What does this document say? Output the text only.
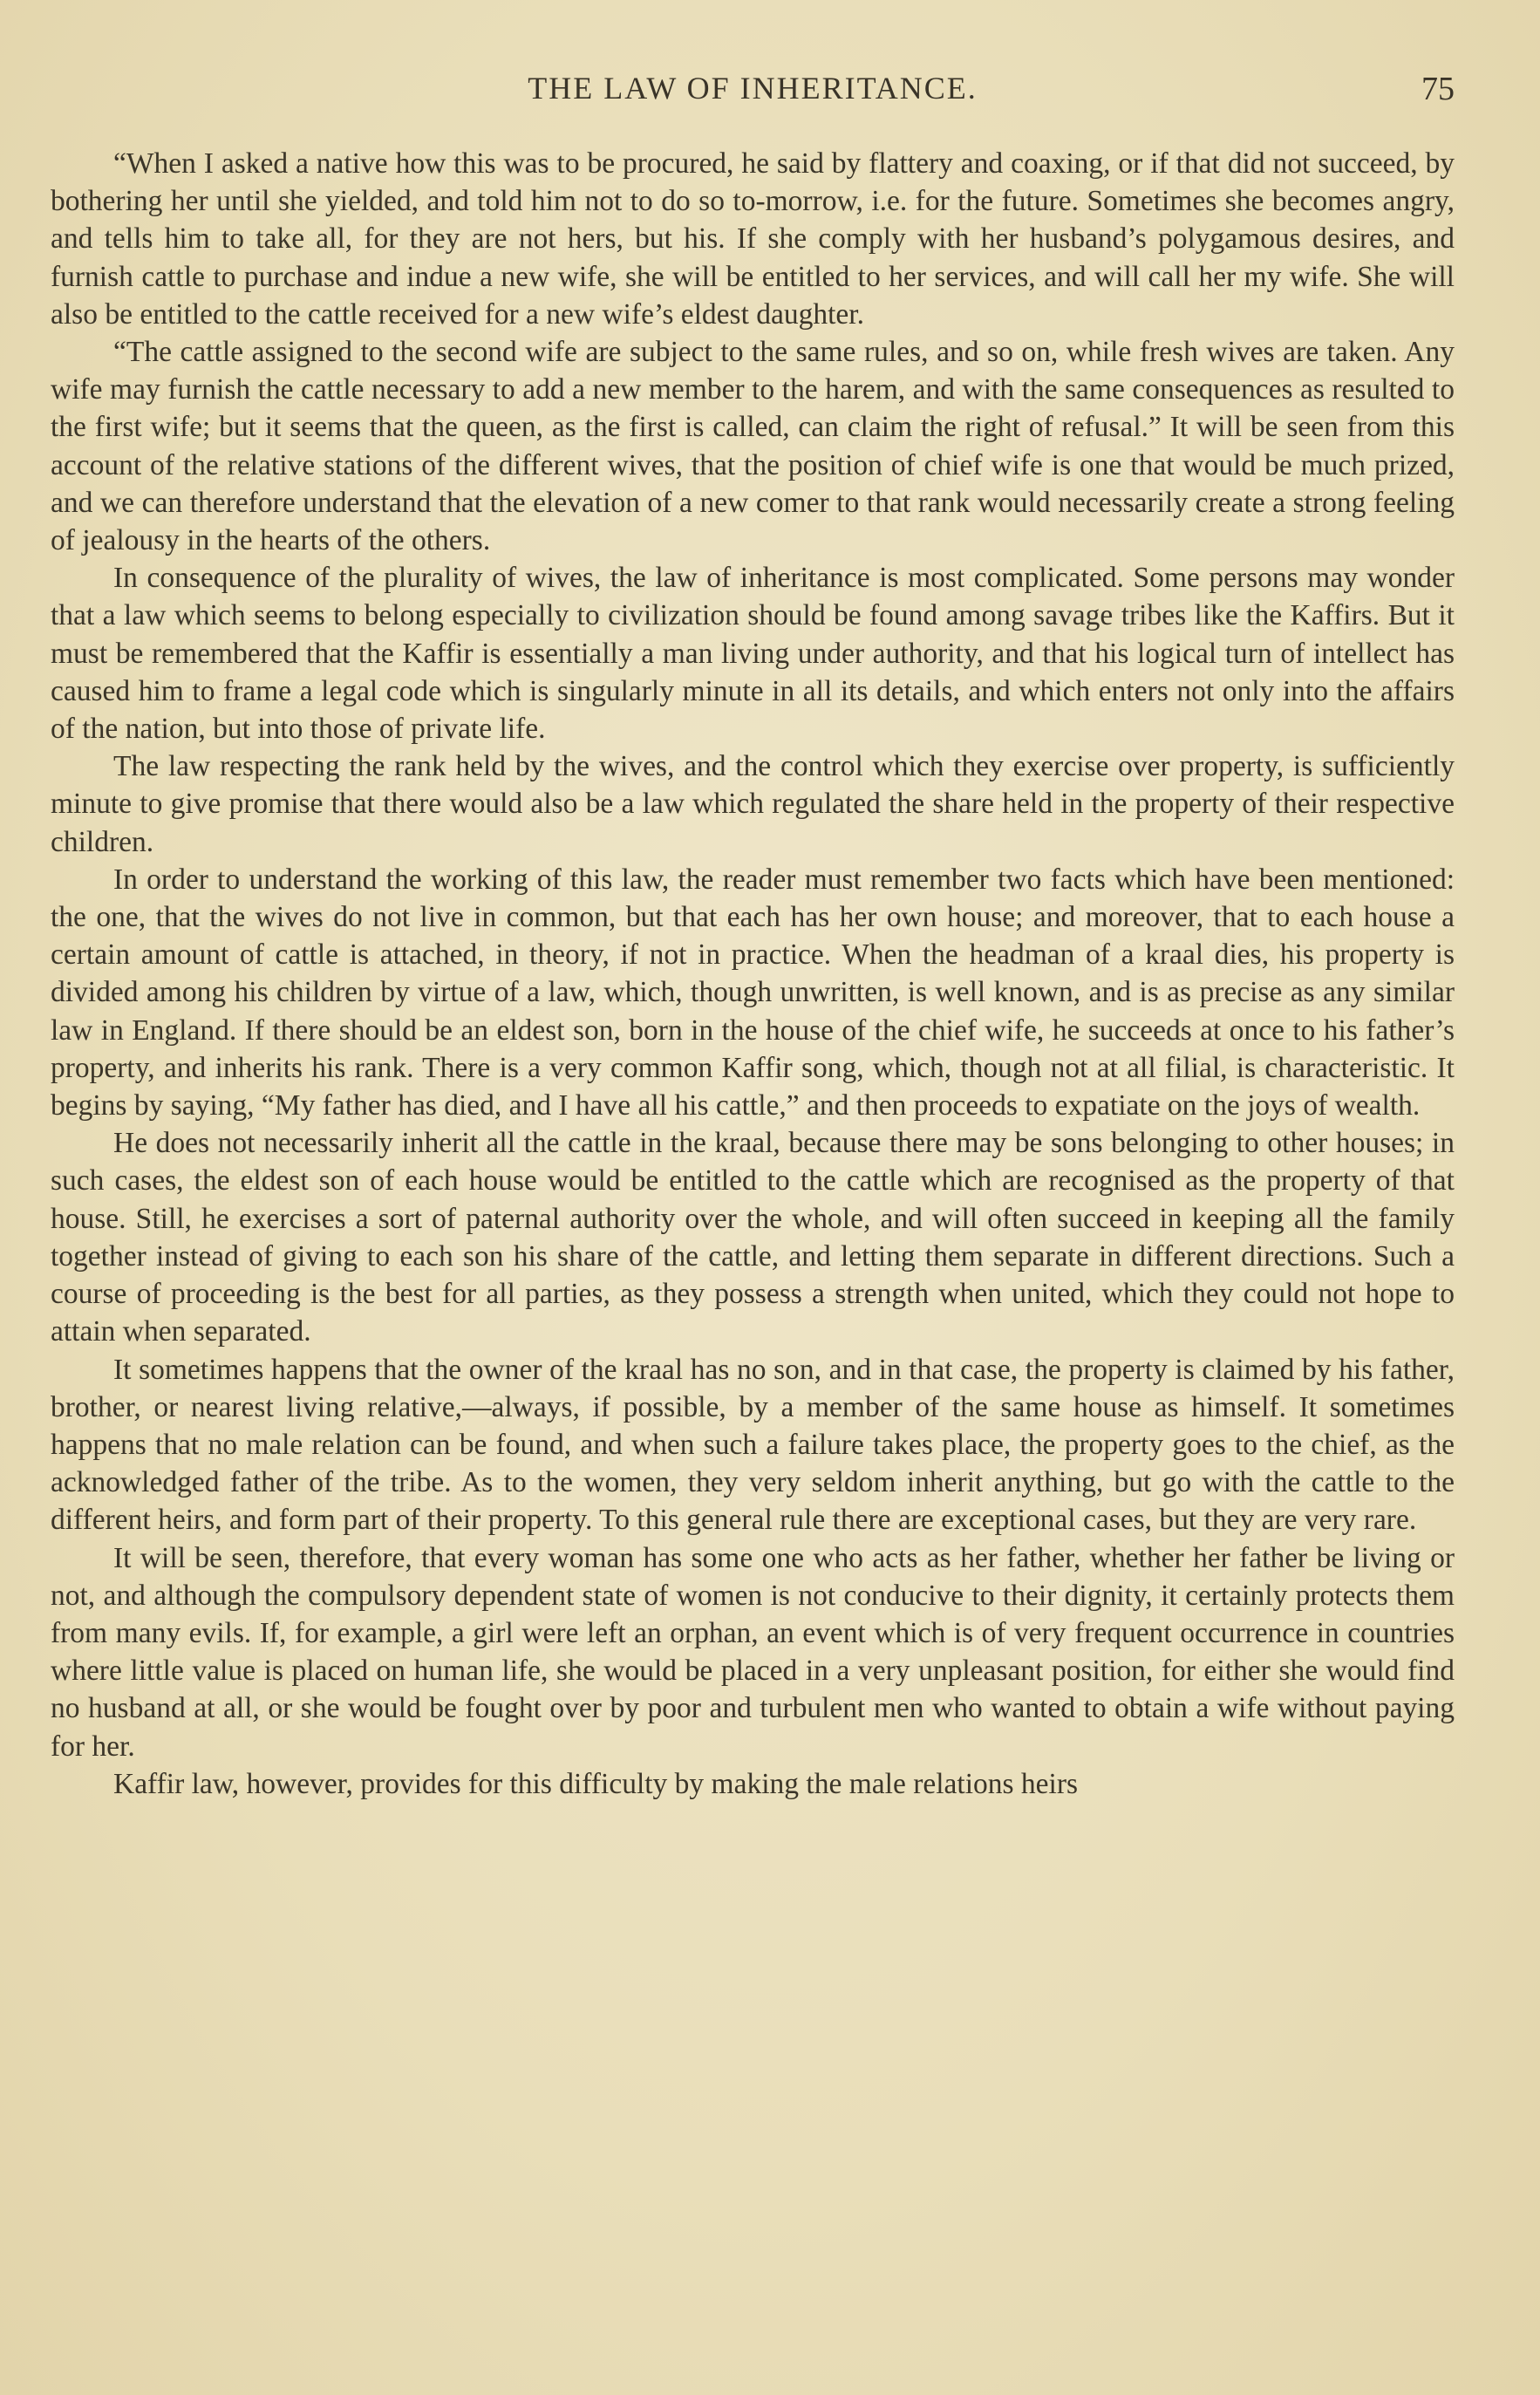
THE LAW OF INHERITANCE.	75

“When I asked a native how this was to be procured, he said by flattery and coaxing, or if that did not succeed, by bothering her until she yielded, and told him not to do so to-morrow, i.e. for the future. Sometimes she becomes angry, and tells him to take all, for they are not hers, but his. If she comply with her husband’s polygamous desires, and furnish cattle to purchase and indue a new wife, she will be entitled to her services, and will call her my wife. She will also be entitled to the cattle received for a new wife’s eldest daughter.

“The cattle assigned to the second wife are subject to the same rules, and so on, while fresh wives are taken. Any wife may furnish the cattle necessary to add a new member to the harem, and with the same consequences as resulted to the first wife; but it seems that the queen, as the first is called, can claim the right of refusal.” It will be seen from this account of the relative stations of the different wives, that the position of chief wife is one that would be much prized, and we can therefore understand that the elevation of a new comer to that rank would necessarily create a strong feeling of jealousy in the hearts of the others.

In consequence of the plurality of wives, the law of inheritance is most complicated. Some persons may wonder that a law which seems to belong especially to civilization should be found among savage tribes like the Kaffirs. But it must be remembered that the Kaffir is essentially a man living under authority, and that his logical turn of intellect has caused him to frame a legal code which is singularly minute in all its details, and which enters not only into the affairs of the nation, but into those of private life.

The law respecting the rank held by the wives, and the control which they exercise over property, is sufficiently minute to give promise that there would also be a law which regulated the share held in the property of their respective children.

In order to understand the working of this law, the reader must remember two facts which have been mentioned: the one, that the wives do not live in common, but that each has her own house; and moreover, that to each house a certain amount of cattle is attached, in theory, if not in practice. When the headman of a kraal dies, his property is divided among his children by virtue of a law, which, though unwritten, is well known, and is as precise as any similar law in England. If there should be an eldest son, born in the house of the chief wife, he succeeds at once to his father’s property, and inherits his rank. There is a very common Kaffir song, which, though not at all filial, is characteristic. It begins by saying, “My father has died, and I have all his cattle,” and then proceeds to expatiate on the joys of wealth.

He does not necessarily inherit all the cattle in the kraal, because there may be sons belonging to other houses; in such cases, the eldest son of each house would be entitled to the cattle which are recognised as the property of that house. Still, he exercises a sort of paternal authority over the whole, and will often succeed in keeping all the family together instead of giving to each son his share of the cattle, and letting them separate in different directions. Such a course of proceeding is the best for all parties, as they possess a strength when united, which they could not hope to attain when separated.

It sometimes happens that the owner of the kraal has no son, and in that case, the property is claimed by his father, brother, or nearest living relative,—always, if possible, by a member of the same house as himself. It sometimes happens that no male relation can be found, and when such a failure takes place, the property goes to the chief, as the acknowledged father of the tribe. As to the women, they very seldom inherit anything, but go with the cattle to the different heirs, and form part of their property. To this general rule there are exceptional cases, but they are very rare.

It will be seen, therefore, that every woman has some one who acts as her father, whether her father be living or not, and although the compulsory dependent state of women is not conducive to their dignity, it certainly protects them from many evils. If, for example, a girl were left an orphan, an event which is of very frequent occurrence in countries where little value is placed on human life, she would be placed in a very unpleasant position, for either she would find no husband at all, or she would be fought over by poor and turbulent men who wanted to obtain a wife without paying for her.

Kaffir law, however, provides for this difficulty by making the male relations heirs
